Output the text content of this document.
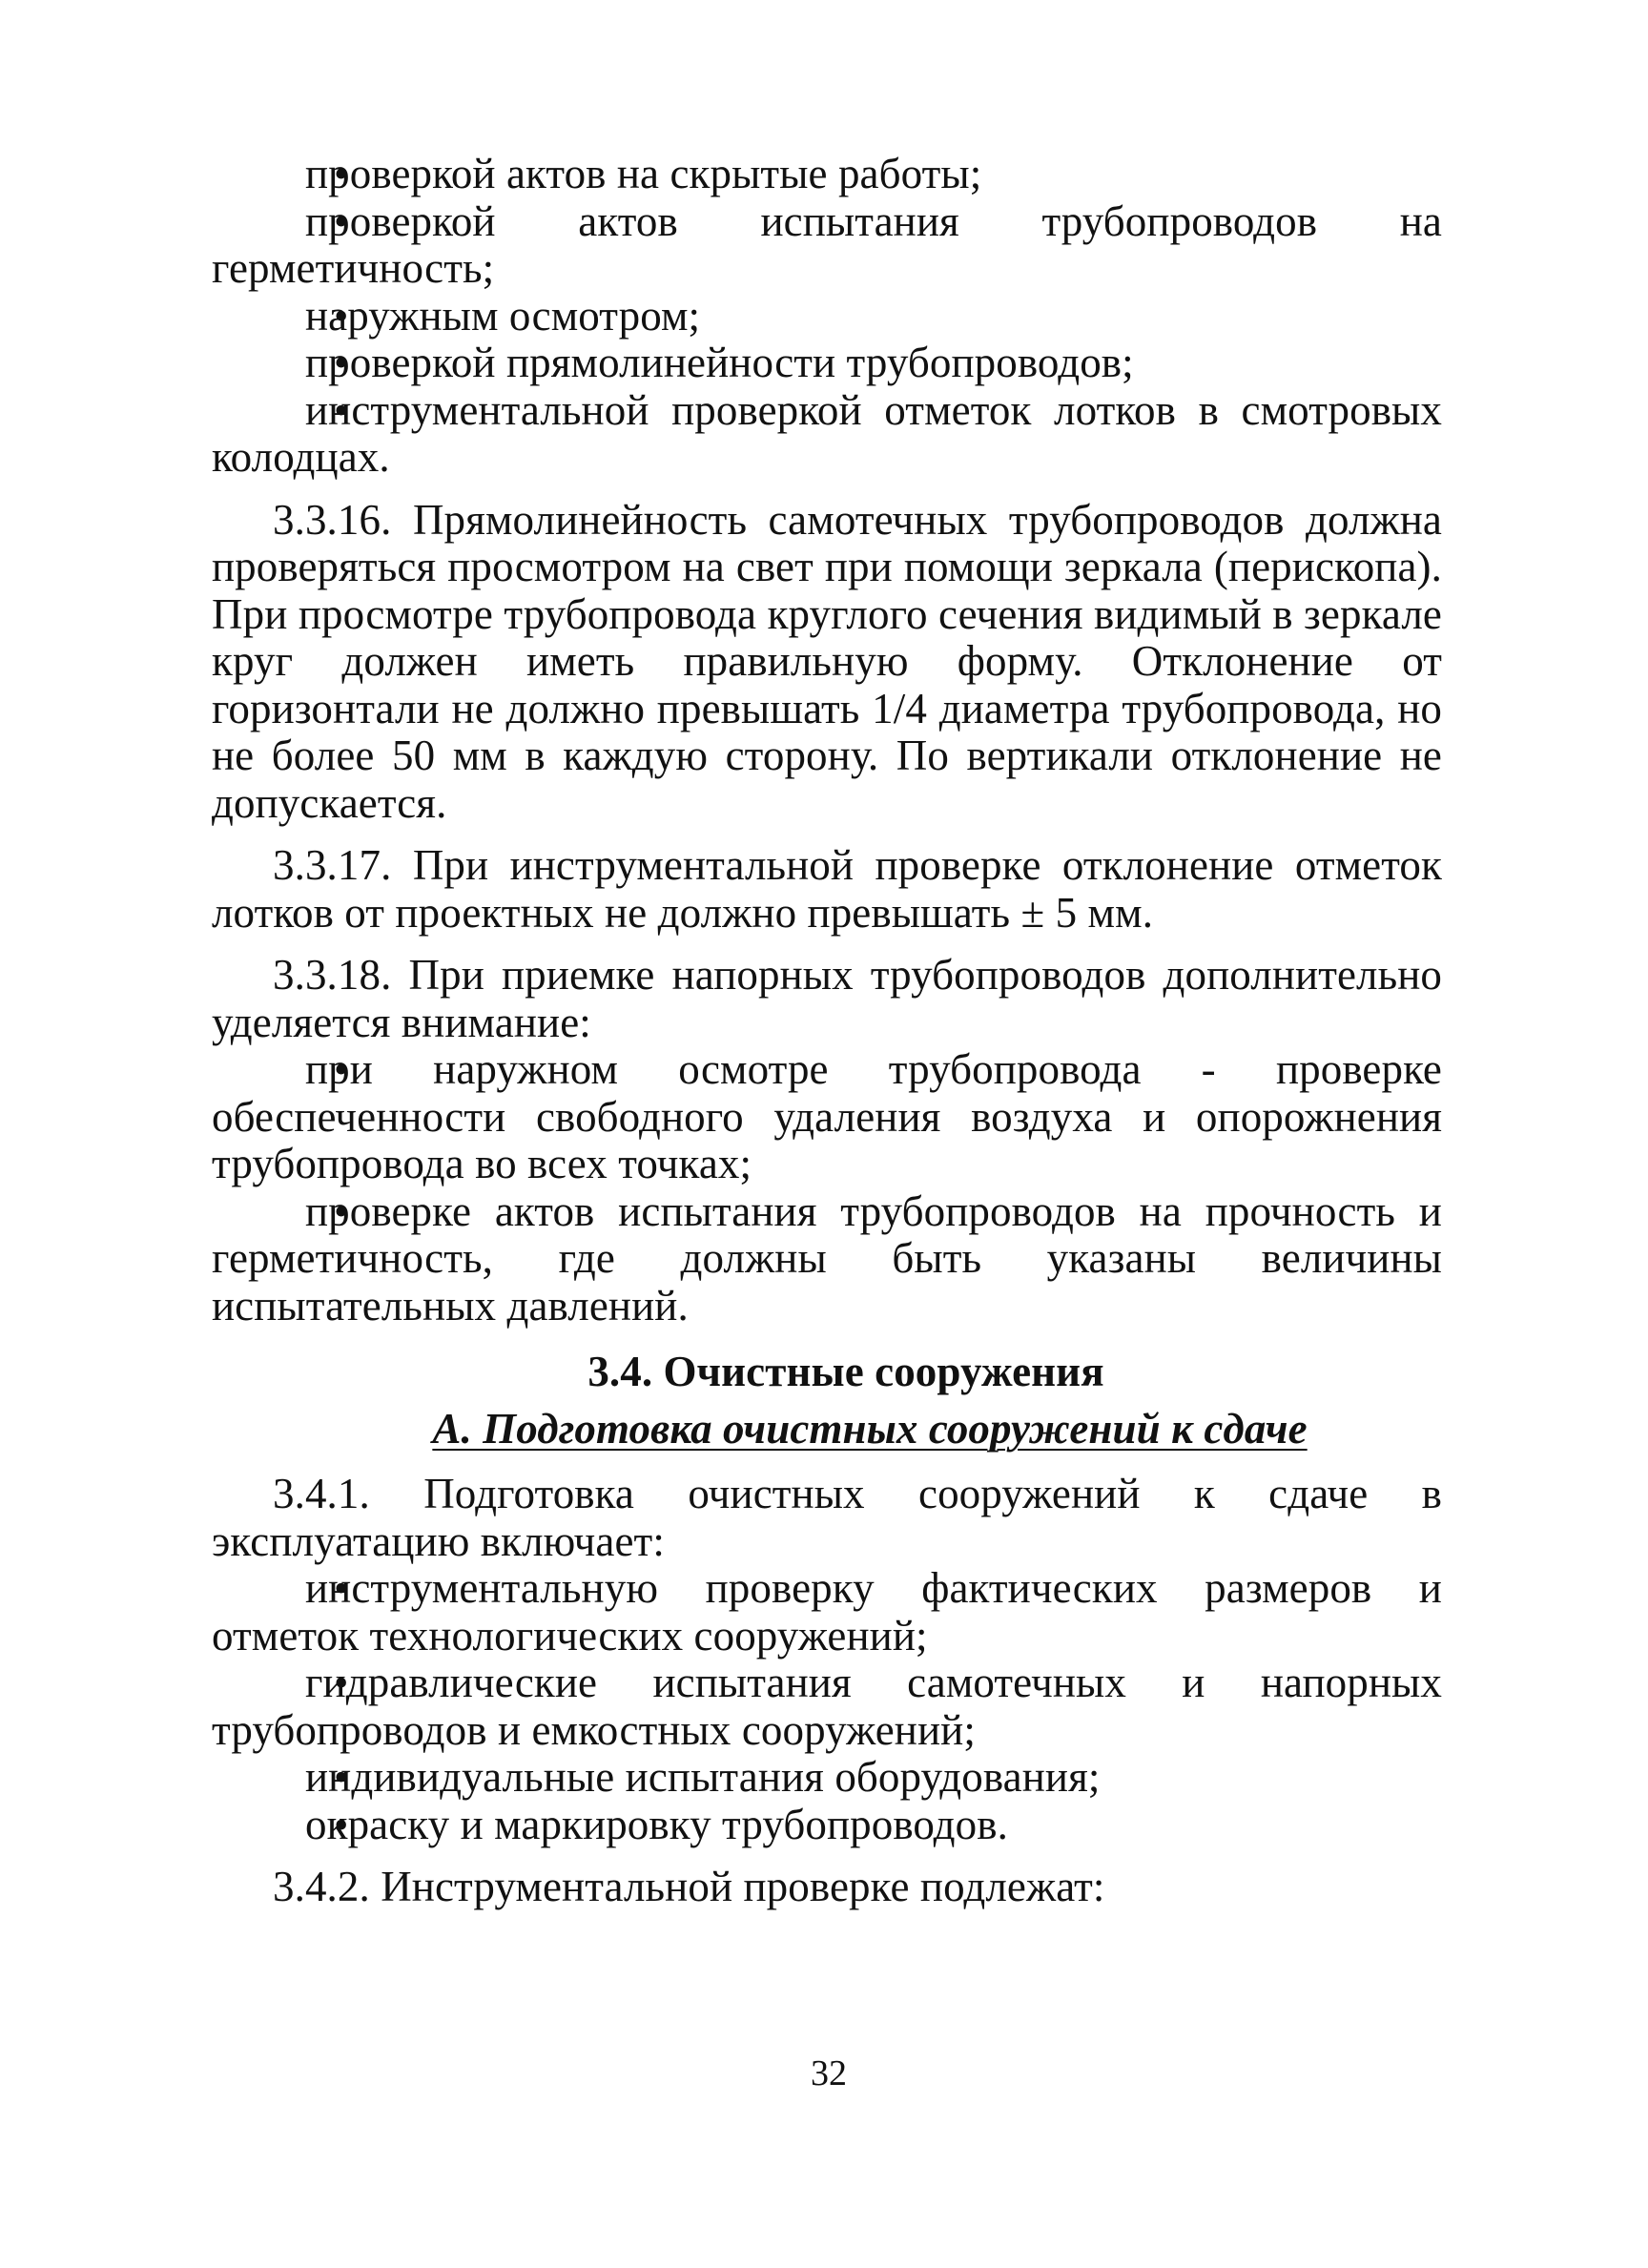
• проверкой актов на скрытые работы;

• проверкой актов испытания трубопроводов на герметичность;

• наружным осмотром;

• проверкой прямолинейности трубопроводов;

• инструментальной проверкой отметок лотков в смотровых колодцах.

3.3.16. Прямолинейность самотечных трубопроводов должна проверяться просмотром на свет при помощи зеркала (перископа). При просмотре трубопровода круглого сечения видимый в зеркале круг должен иметь правильную форму. Отклонение от горизонтали не должно превышать 1/4 диаметра трубопровода, но не более 50 мм в каждую сторону. По вертикали отклонение не допускается.

3.3.17. При инструментальной проверке отклонение отметок лотков от проектных не должно превышать ± 5 мм.

3.3.18. При приемке напорных трубопроводов дополнительно уделяется внимание:

• при наружном осмотре трубопровода - проверке обеспеченности свободного удаления воздуха и опорожнения трубопровода во всех точках;

• проверке актов испытания трубопроводов на прочность и герметичность, где должны быть указаны величины испытательных давлений.

3.4. Очистные сооружения
А. Подготовка очистных сооружений к сдаче

3.4.1. Подготовка очистных сооружений к сдаче в эксплуатацию включает:

• инструментальную проверку фактических размеров и отметок технологических сооружений;

• гидравлические испытания самотечных и напорных трубопроводов и емкостных сооружений;

• индивидуальные испытания оборудования;

• окраску и маркировку трубопроводов.

3.4.2. Инструментальной проверке подлежат:

32
